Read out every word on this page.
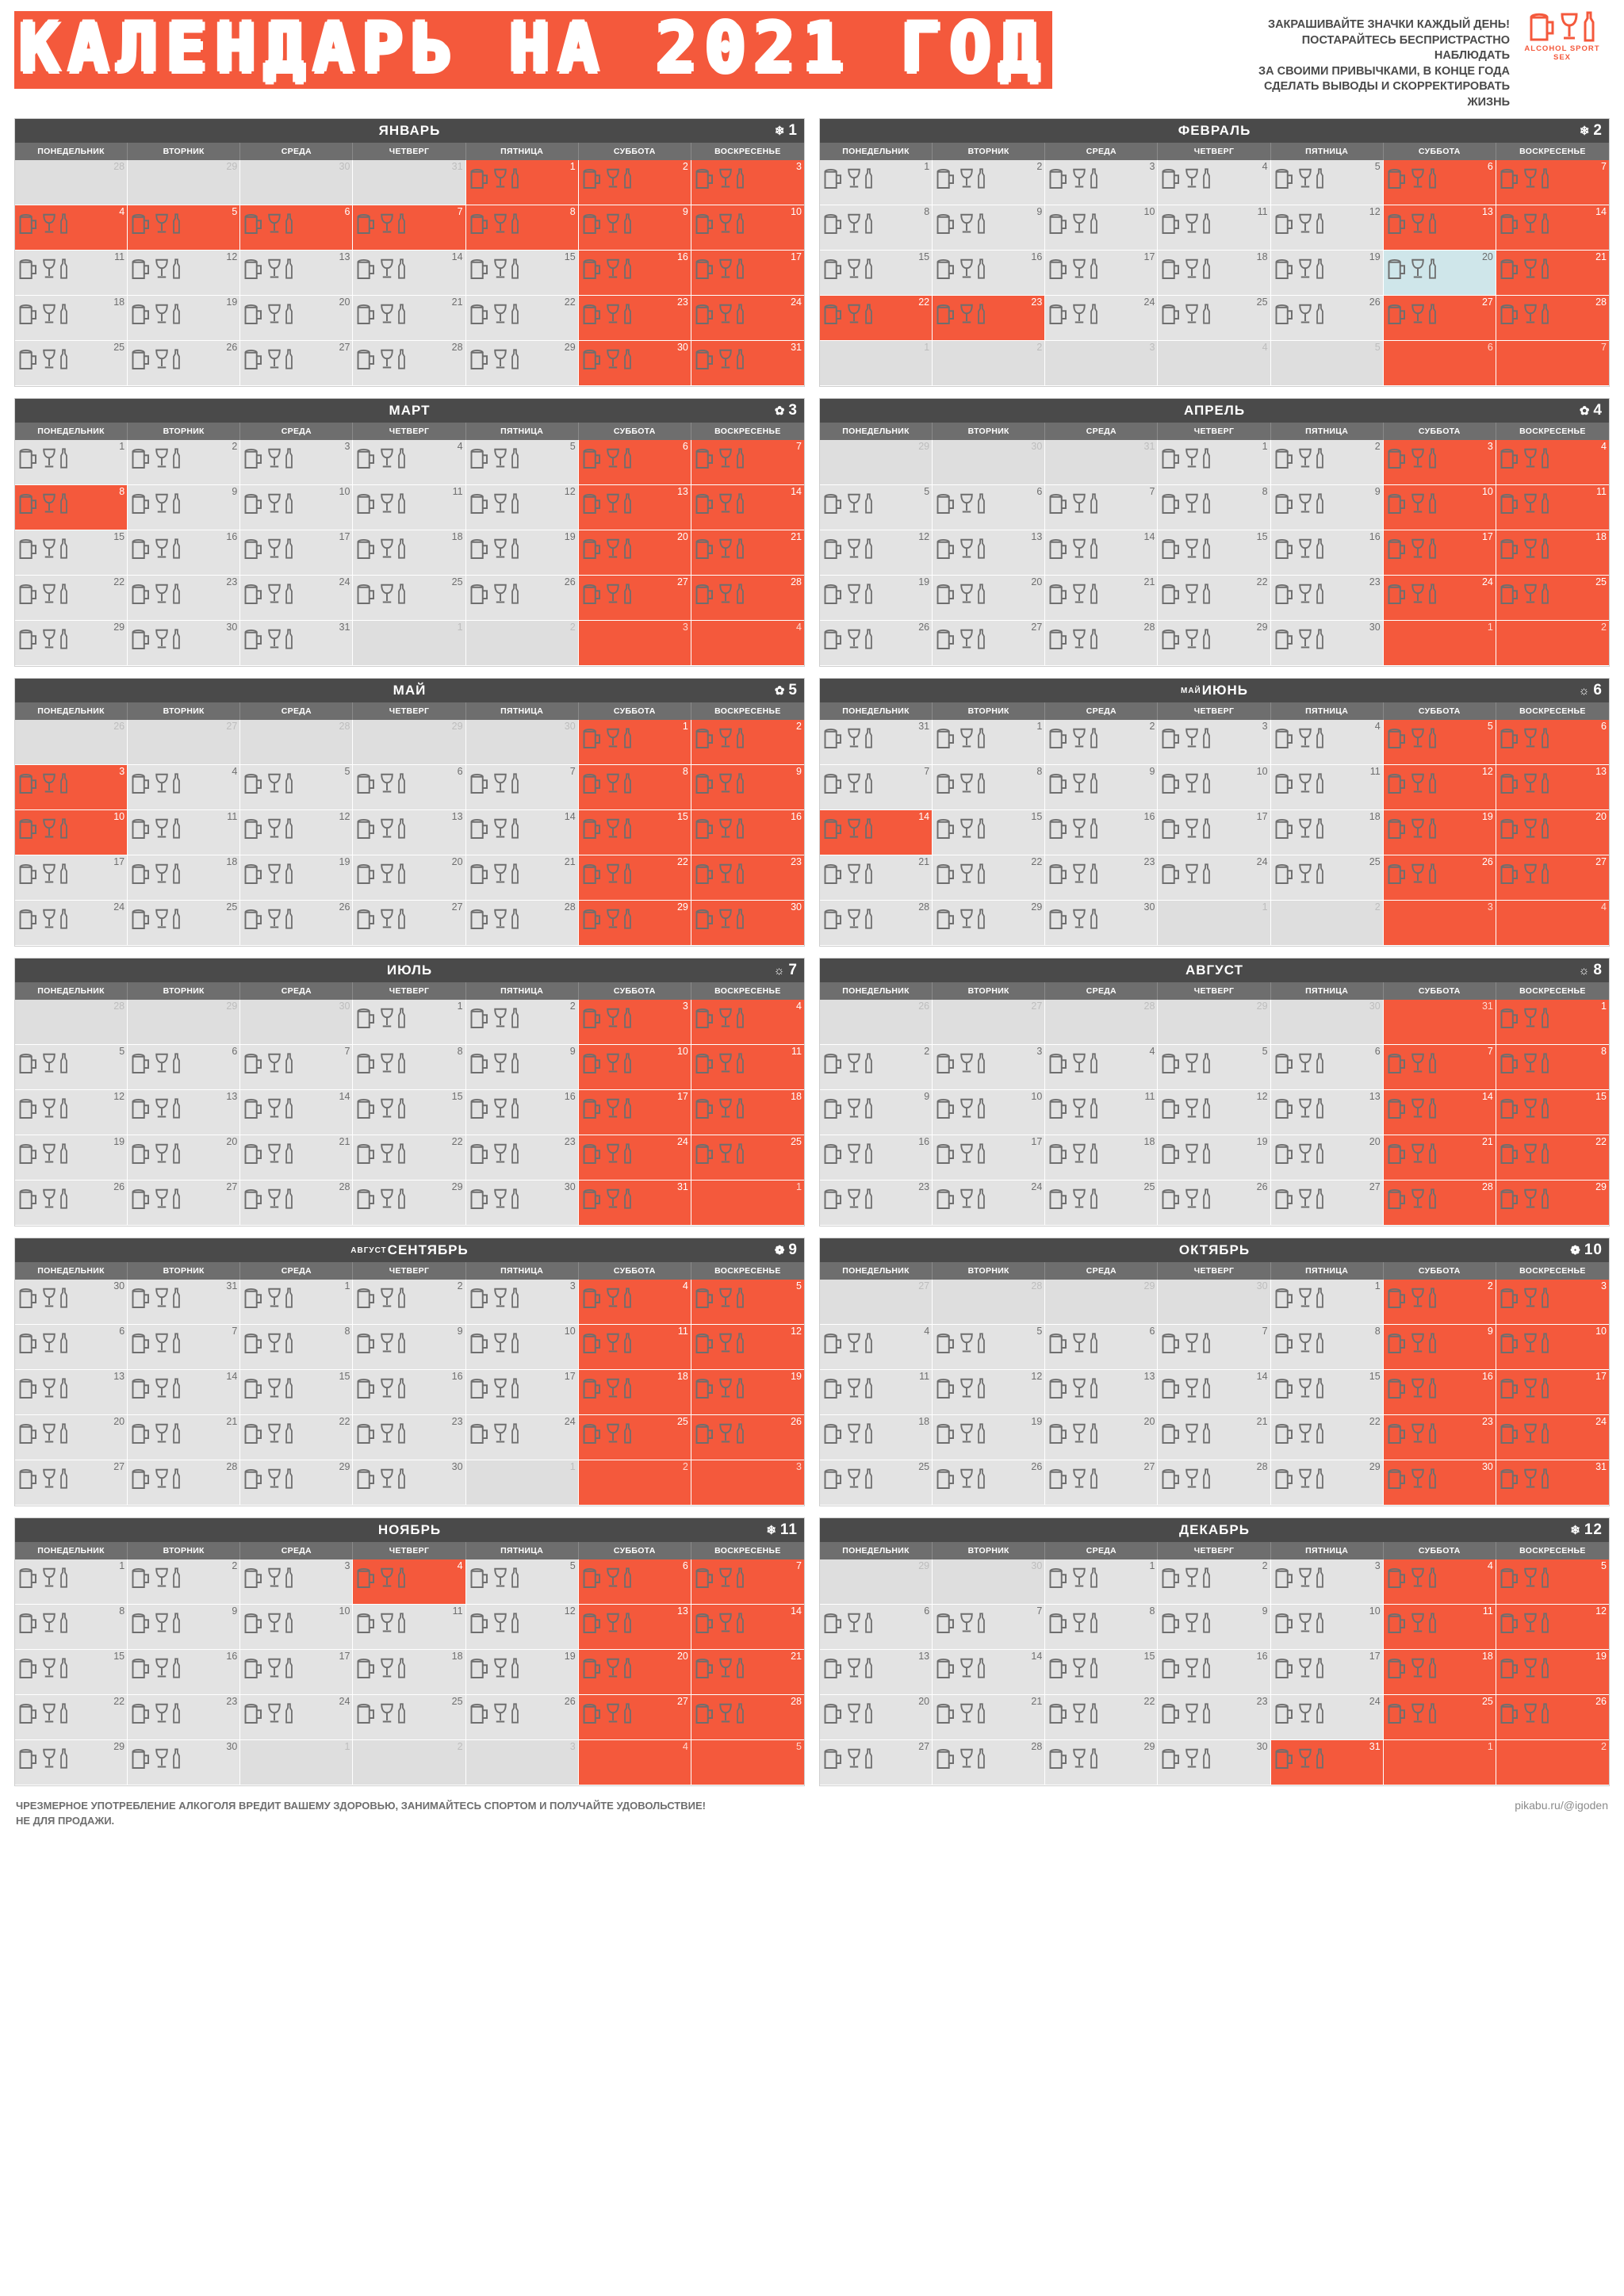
КАЛЕНДАРЬ НА 2021 ГОД	ЗАКРАШИВАЙТЕ ЗНАЧКИ КАЖДЫЙ ДЕНЬ!
ПОСТАРАЙТЕСЬ БЕСПРИСТРАСТНО НАБЛЮДАТЬ
ЗА СВОИМИ ПРИВЫЧКАМИ, В КОНЦЕ ГОДА
СДЕЛАТЬ ВЫВОДЫ И СКОРРЕКТИРОВАТЬ ЖИЗНЬ
ALCOHOL SPORT SEX
ЯНВАРЬ	❄ 1
ПОНЕДЕЛЬНИК	ВТОРНИК	СРЕДА	ЧЕТВЕРГ	ПЯТНИЦА	СУББОТА	ВОСКРЕСЕНЬЕ
28	29	30	31	1	2	3
4	5	6	7	8	9	10
11	12	13	14	15	16	17
18	19	20	21	22	23	24
25	26	27	28	29	30	31
ФЕВРАЛЬ	❄ 2
ПОНЕДЕЛЬНИК	ВТОРНИК	СРЕДА	ЧЕТВЕРГ	ПЯТНИЦА	СУББОТА	ВОСКРЕСЕНЬЕ
1	2	3	4	5	6	7
8	9	10	11	12	13	14
15	16	17	18	19	20	21
22	23	24	25	26	27	28
1	2	3	4	5	6	7
МАРТ	✿ 3
ПОНЕДЕЛЬНИК	ВТОРНИК	СРЕДА	ЧЕТВЕРГ	ПЯТНИЦА	СУББОТА	ВОСКРЕСЕНЬЕ
1	2	3	4	5	6	7
8	9	10	11	12	13	14
15	16	17	18	19	20	21
22	23	24	25	26	27	28
29	30	31	1	2	3	4
АПРЕЛЬ	✿ 4
ПОНЕДЕЛЬНИК	ВТОРНИК	СРЕДА	ЧЕТВЕРГ	ПЯТНИЦА	СУББОТА	ВОСКРЕСЕНЬЕ
29	30	31	1	2	3	4
5	6	7	8	9	10	11
12	13	14	15	16	17	18
19	20	21	22	23	24	25
26	27	28	29	30	1	2
МАЙ	✿ 5
ПОНЕДЕЛЬНИК	ВТОРНИК	СРЕДА	ЧЕТВЕРГ	ПЯТНИЦА	СУББОТА	ВОСКРЕСЕНЬЕ
26	27	28	29	30	1	2
3	4	5	6	7	8	9
10	11	12	13	14	15	16
17	18	19	20	21	22	23
24	25	26	27	28	29	30
МАЙ ИЮНЬ	☼ 6
ПОНЕДЕЛЬНИК	ВТОРНИК	СРЕДА	ЧЕТВЕРГ	ПЯТНИЦА	СУББОТА	ВОСКРЕСЕНЬЕ
31	1	2	3	4	5	6
7	8	9	10	11	12	13
14	15	16	17	18	19	20
21	22	23	24	25	26	27
28	29	30	1	2	3	4
ИЮЛЬ	☼ 7
ПОНЕДЕЛЬНИК	ВТОРНИК	СРЕДА	ЧЕТВЕРГ	ПЯТНИЦА	СУББОТА	ВОСКРЕСЕНЬЕ
28	29	30	1	2	3	4
5	6	7	8	9	10	11
12	13	14	15	16	17	18
19	20	21	22	23	24	25
26	27	28	29	30	31	1
АВГУСТ	☼ 8
ПОНЕДЕЛЬНИК	ВТОРНИК	СРЕДА	ЧЕТВЕРГ	ПЯТНИЦА	СУББОТА	ВОСКРЕСЕНЬЕ
26	27	28	29	30	31	1
2	3	4	5	6	7	8
9	10	11	12	13	14	15
16	17	18	19	20	21	22
23	24	25	26	27	28	29
АВГУСТ СЕНТЯБРЬ	❁ 9
ПОНЕДЕЛЬНИК	ВТОРНИК	СРЕДА	ЧЕТВЕРГ	ПЯТНИЦА	СУББОТА	ВОСКРЕСЕНЬЕ
30	31	1	2	3	4	5
6	7	8	9	10	11	12
13	14	15	16	17	18	19
20	21	22	23	24	25	26
27	28	29	30	1	2	3
ОКТЯБРЬ	❁ 10
ПОНЕДЕЛЬНИК	ВТОРНИК	СРЕДА	ЧЕТВЕРГ	ПЯТНИЦА	СУББОТА	ВОСКРЕСЕНЬЕ
27	28	29	30	1	2	3
4	5	6	7	8	9	10
11	12	13	14	15	16	17
18	19	20	21	22	23	24
25	26	27	28	29	30	31
НОЯБРЬ	❄ 11
ПОНЕДЕЛЬНИК	ВТОРНИК	СРЕДА	ЧЕТВЕРГ	ПЯТНИЦА	СУББОТА	ВОСКРЕСЕНЬЕ
1	2	3	4	5	6	7
8	9	10	11	12	13	14
15	16	17	18	19	20	21
22	23	24	25	26	27	28
29	30	1	2	3	4	5
ДЕКАБРЬ	❄ 12
ПОНЕДЕЛЬНИК	ВТОРНИК	СРЕДА	ЧЕТВЕРГ	ПЯТНИЦА	СУББОТА	ВОСКРЕСЕНЬЕ
29	30	1	2	3	4	5
6	7	8	9	10	11	12
13	14	15	16	17	18	19
20	21	22	23	24	25	26
27	28	29	30	31	1	2
ЧРЕЗМЕРНОЕ УПОТРЕБЛЕНИЕ АЛКОГОЛЯ ВРЕДИТ ВАШЕМУ ЗДОРОВЬЮ, ЗАНИМАЙТЕСЬ СПОРТОМ И ПОЛУЧАЙТЕ УДОВОЛЬСТВИЕ!
НЕ ДЛЯ ПРОДАЖИ.
pikabu.ru/@igoden
